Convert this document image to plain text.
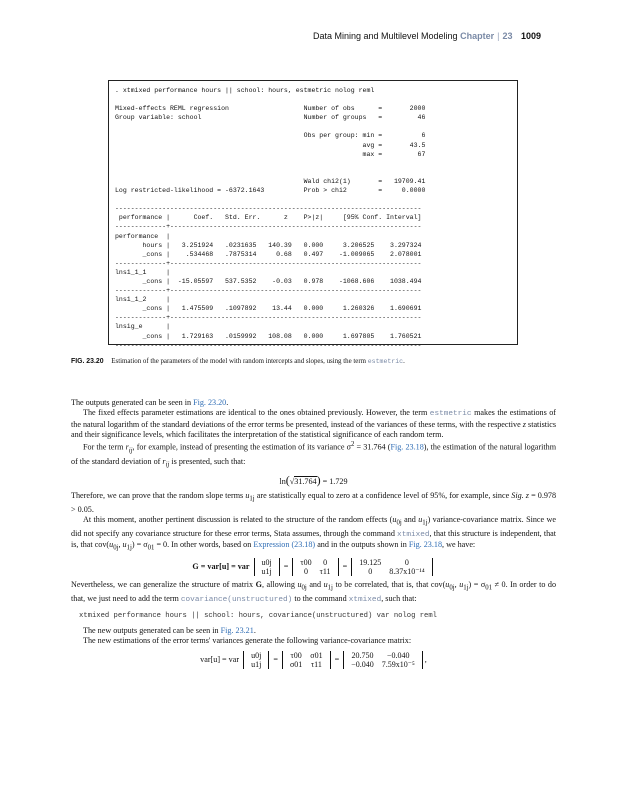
Data Mining and Multilevel Modeling Chapter | 23 1009
. xtmixed performance hours || school: hours, estmetric nolog reml

Mixed-effects REML regression                   Number of obs      =       2000
Group variable: school                          Number of groups   =         46

Obs per group: min =          6
avg =       43.5
max =         67

Wald chi2(1)       =   19709.41
Log restricted-likelihood = -6372.1643          Prob > chi2        =     0.0000

------------------------------------------------------------------------------
performance |      Coef.   Std. Err.      z    P>|z|     [95% Conf. Interval]
-------------+----------------------------------------------------------------
performance  |
hours |   3.251924   .0231635   140.39   0.000     3.206525    3.297324
_cons |    .534468   .7875314     0.68   0.497    -1.009065    2.078001
-------------+----------------------------------------------------------------
lns1_1_1     |
_cons |  -15.05597   537.5352    -0.03   0.978    -1068.606    1038.494
-------------+----------------------------------------------------------------
lns1_1_2     |
_cons |   1.475509   .1097892    13.44   0.000     1.260326    1.690691
-------------+----------------------------------------------------------------
lnsig_e      |
_cons |   1.729163   .0159992   108.08   0.000     1.697805    1.760521
------------------------------------------------------------------------------
FIG. 23.20 Estimation of the parameters of the model with random intercepts and slopes, using the term estmetric.

The outputs generated can be seen in Fig. 23.20.

The fixed effects parameter estimations are identical to the ones obtained previously. However, the term estmetric makes the estimations of the natural logarithm of the standard deviations of the error terms be presented, instead of the variances of these terms, with the respective z statistics and their significance levels, which facilitates the interpretation of the statistical significance of each random term.

For the term $r_{ij}$, for example, instead of presenting the estimation of its variance $\sigma^2 = 31.764$ (Fig. 23.18), the estimation of the natural logarithm of the standard deviation of $r_{ij}$ is presented, such that:

ln(√31.764) = 1.729

Therefore, we can prove that the random slope terms $u_{1j}$ are statistically equal to zero at a confidence level of 95%, for example, since Sig. z = 0.978 > 0.05.

At this moment, another pertinent discussion is related to the structure of the random effects ($u_{0j}$ and $u_{1j}$) variance-covariance matrix. Since we did not specify any covariance structure for these error terms, Stata assumes, through the command xtmixed, that this structure is independent, that is, that $cov(u_{0j}$, $u_{1j}) = \sigma_{01} = 0$. In other words, based on Expression (23.18) and in the outputs shown in Fig. 23.18, we have:

G = var[u] = var u0j
u1j
= τ00	0
0	τ11
= 19.125	0
0	8.37x10⁻¹⁴

Nevertheless, we can generalize the structure of matrix G, allowing $u_{0j}$ and $u_{1j}$ to be correlated, that is, that $cov(u_{0j}$, $u_{1j}) = \sigma_{01} \ne 0$. In order to do that, we just need to add the term covariance(unstructured) to the command xtmixed, such that:

xtmixed performance hours || school: hours, covariance(unstructured) var nolog reml

The new outputs generated can be seen in Fig. 23.21.

The new estimations of the error terms' variances generate the following variance-covariance matrix:

var[u] = var u0j
u1j
= τ00	σ01
σ01	τ11
= 20.750	−0.040
−0.040	7.59x10⁻⁵
,
